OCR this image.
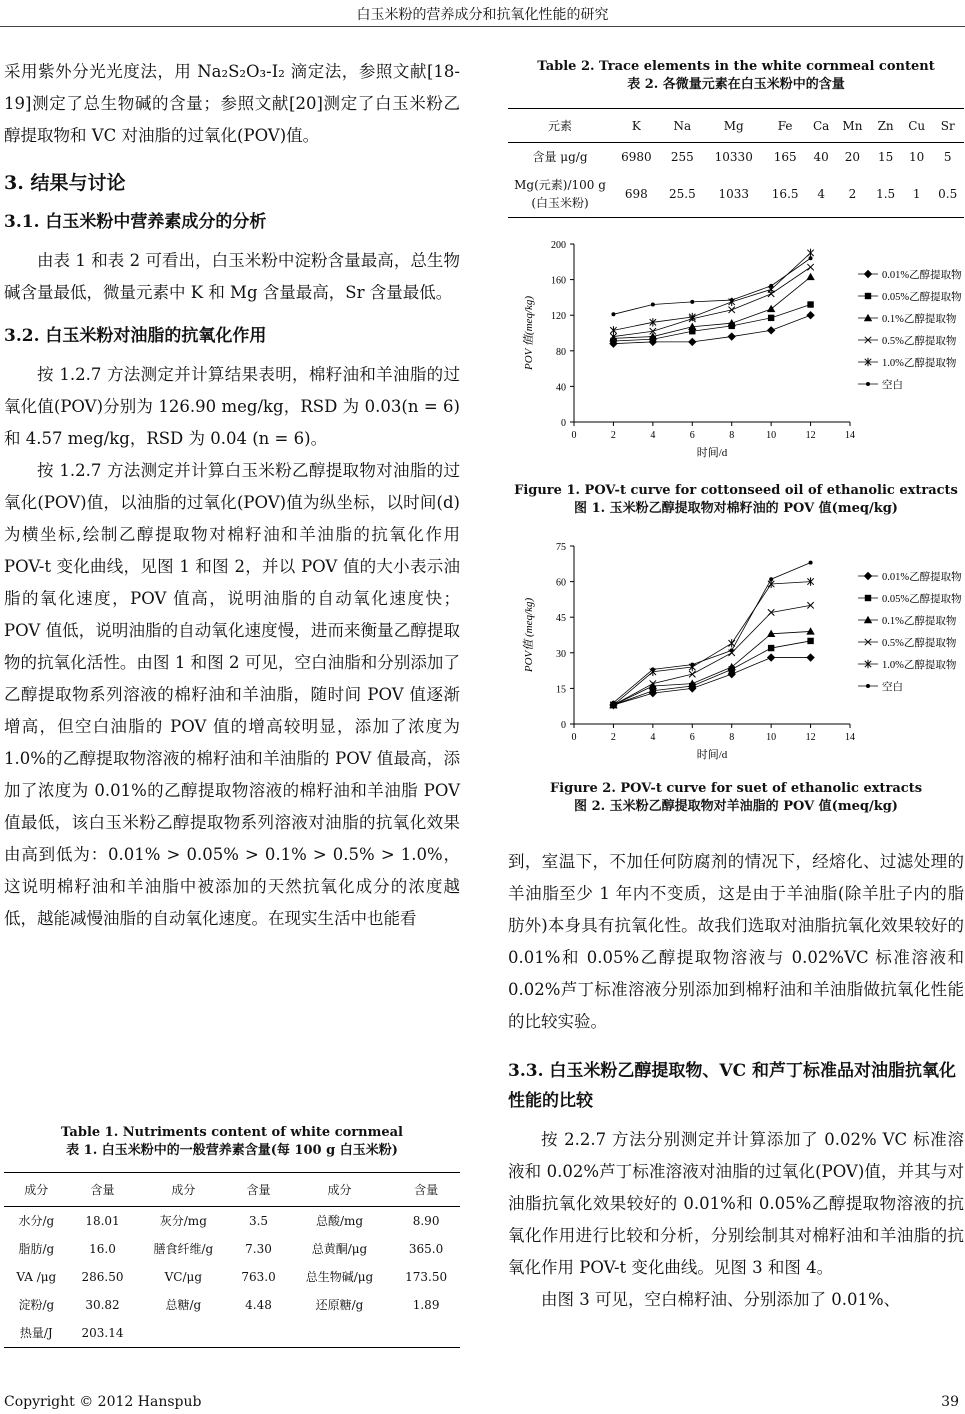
白玉米粉的营养成分和抗氧化性能的研究

采用紫外分光光度法，用 Na₂S₂O₃-I₂ 滴定法，参照文献[18-19]测定了总生物碱的含量；参照文献[20]测定了白玉米粉乙醇提取物和 VC 对油脂的过氧化(POV)值。

3. 结果与讨论
3.1. 白玉米粉中营养素成分的分析

由表 1 和表 2 可看出，白玉米粉中淀粉含量最高，总生物碱含量最低，微量元素中 K 和 Mg 含量最高，Sr 含量最低。

3.2. 白玉米粉对油脂的抗氧化作用

按 1.2.7 方法测定并计算结果表明，棉籽油和羊油脂的过氧化值(POV)分别为 126.90 meg/kg，RSD 为 0.03(n = 6)和 4.57 meg/kg，RSD 为 0.04 (n = 6)。

按 1.2.7 方法测定并计算白玉米粉乙醇提取物对油脂的过氧化(POV)值，以油脂的过氧化(POV)值为纵坐标，以时间(d)为横坐标,绘制乙醇提取物对棉籽油和羊油脂的抗氧化作用 POV-t 变化曲线，见图 1 和图 2，并以 POV 值的大小表示油脂的氧化速度，POV 值高，说明油脂的自动氧化速度快；POV 值低，说明油脂的自动氧化速度慢，进而来衡量乙醇提取物的抗氧化活性。由图 1 和图 2 可见，空白油脂和分别添加了乙醇提取物系列溶液的棉籽油和羊油脂，随时间 POV 值逐渐增高，但空白油脂的 POV 值的增高较明显，添加了浓度为 1.0%的乙醇提取物溶液的棉籽油和羊油脂的 POV 值最高，添加了浓度为 0.01%的乙醇提取物溶液的棉籽油和羊油脂 POV 值最低，该白玉米粉乙醇提取物系列溶液对油脂的抗氧化效果由高到低为：0.01% > 0.05% > 0.1% > 0.5% > 1.0%，这说明棉籽油和羊油脂中被添加的天然抗氧化成分的浓度越低，越能减慢油脂的自动氧化速度。在现实生活中也能看

Table 1. Nutriments content of white cornmeal
表 1. 白玉米粉中的一般营养素含量(每 100 g 白玉米粉)
成分	含量	成分	含量	成分	含量
水分/g	18.01	灰分/mg	3.5	总酸/mg	8.90
脂肪/g	16.0	膳食纤维/g	7.30	总黄酮/μg	365.0
VA /μg	286.50	VC/μg	763.0	总生物碱/μg	173.50
淀粉/g	30.82	总糖/g	4.48	还原糖/g	1.89
热量/J	203.14				
Table 2. Trace elements in the white cornmeal content
表 2. 各微量元素在白玉米粉中的含量
元素	K	Na	Mg	Fe	Ca	Mn	Zn	Cu	Sr
含量 μg/g	6980	255	10330	165	40	20	15	10	5
Mg(元素)/100 g (白玉米粉)	698	25.5	1033	16.5	4	2	1.5	1	0.5
0
40
80
120
160
200
0	2	4	6	8	10	12	14
时间/d
POV 值(meq/kg)
0.01%乙醇提取物
0.05%乙醇提取物
0.1%乙醇提取物
0.5%乙醇提取物
1.0%乙醇提取物
空白
Figure 1. POV-t curve for cottonseed oil of ethanolic extracts
图 1. 玉米粉乙醇提取物对棉籽油的 POV 值(meq/kg)
0
15
30
45
60
75
0	2	4	6	8	10	12	14
时间/d
POV值 (meq/kg)
0.01%乙醇提取物
0.05%乙醇提取物
0.1%乙醇提取物
0.5%乙醇提取物
1.0%乙醇提取物
空白
Figure 2. POV-t curve for suet of ethanolic extracts
图 2. 玉米粉乙醇提取物对羊油脂的 POV 值(meq/kg)

到，室温下，不加任何防腐剂的情况下，经熔化、过滤处理的羊油脂至少 1 年内不变质，这是由于羊油脂(除羊肚子内的脂肪外)本身具有抗氧化性。故我们选取对油脂抗氧化效果较好的 0.01%和 0.05%乙醇提取物溶液与 0.02%VC 标准溶液和 0.02%芦丁标准溶液分别添加到棉籽油和羊油脂做抗氧化性能的比较实验。

3.3. 白玉米粉乙醇提取物、VC 和芦丁标准品对油脂抗氧化性能的比较

按 2.2.7 方法分别测定并计算添加了 0.02% VC 标准溶液和 0.02%芦丁标准溶液对油脂的过氧化(POV)值，并其与对油脂抗氧化效果较好的 0.01%和 0.05%乙醇提取物溶液的抗氧化作用进行比较和分析，分别绘制其对棉籽油和羊油脂的抗氧化作用 POV-t 变化曲线。见图 3 和图 4。

由图 3 可见，空白棉籽油、分别添加了 0.01%、

Copyright © 2012 Hanspub	39
